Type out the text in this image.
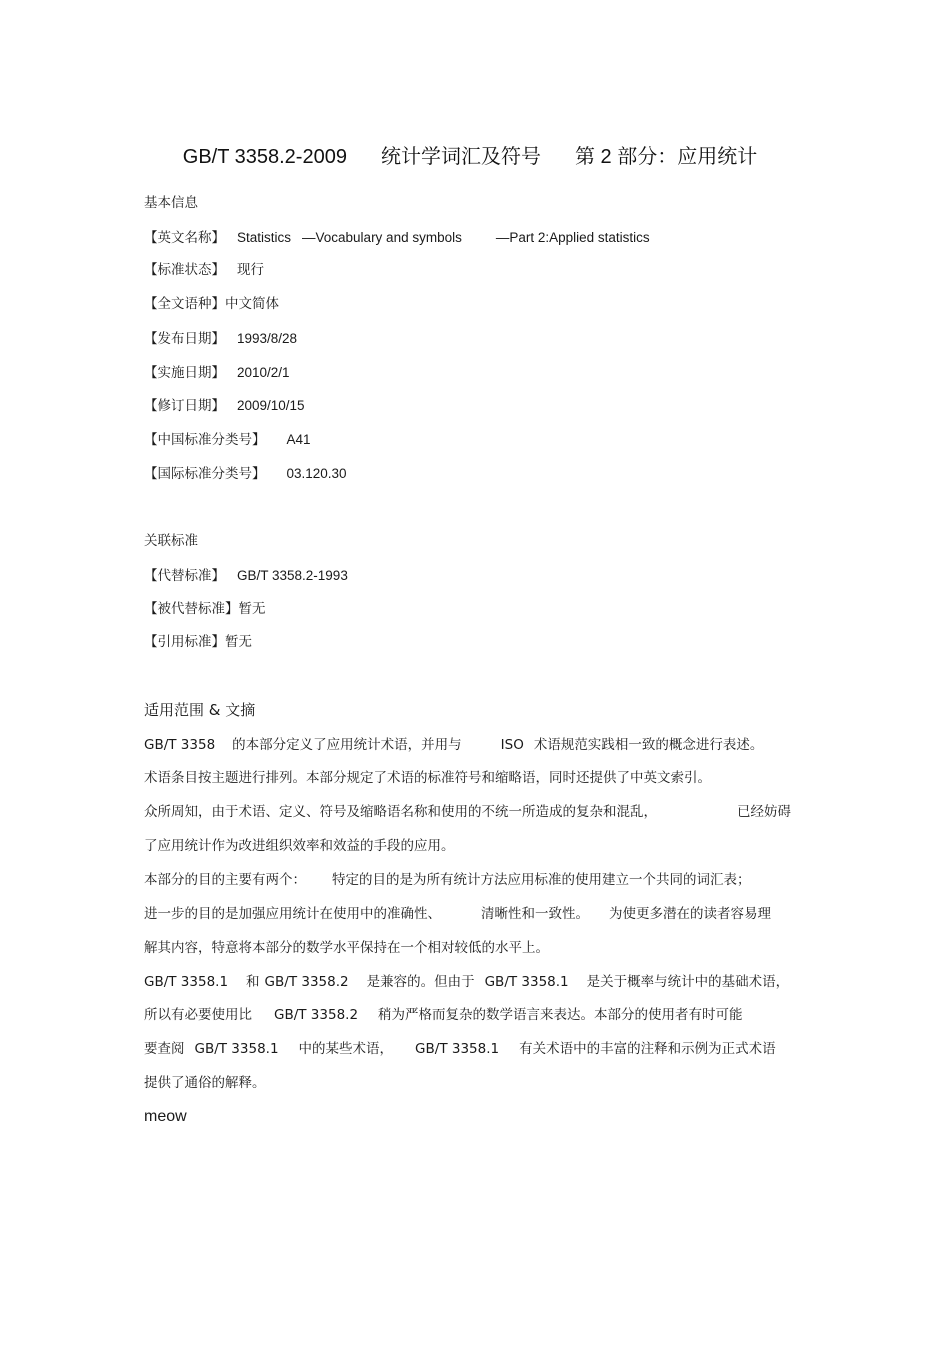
GB/T 3358.2-2009 统计学词汇及符号 第 2 部分：应用统计
基本信息
【英文名称】 Statistics —Vocabulary and symbols	—Part 2:Applied statistics
【标准状态】 现行
【全文语种】中文简体
【发布日期】 1993/8/28
【实施日期】 2010/2/1
【修订日期】 2009/10/15
【中国标准分类号】 A41
【国际标准分类号】 03.120.30
关联标准
【代替标准】 GB/T 3358.2-1993
【被代替标准】暂无
【引用标准】暂无
适用范围 & 文摘
GB/T 3358 的本部分定义了应用统计术语，并用与	ISO 术语规范实践相一致的概念进行表述。
术语条目按主题进行排列。本部分规定了术语的标准符号和缩略语，同时还提供了中英文索引。
众所周知，由于术语、定义、符号及缩略语名称和使用的不统一所造成的复杂和混乱，	已经妨碍
了应用统计作为改进组织效率和效益的手段的应用。
本部分的目的主要有两个： 特定的目的是为所有统计方法应用标准的使用建立一个共同的词汇表；
进一步的目的是加强应用统计在使用中的准确性、	清晰性和一致性。 为使更多潜在的读者容易理
解其内容，特意将本部分的数学水平保持在一个相对较低的水平上。
GB/T 3358.1 和 GB/T 3358.2 是兼容的。但由于 GB/T 3358.1 是关于概率与统计中的基础术语，
所以有必要使用比 GB/T 3358.2 稍为严格而复杂的数学语言来表达。本部分的使用者有时可能
要查阅 GB/T 3358.1 中的某些术语， GB/T 3358.1 有关术语中的丰富的注释和示例为正式术语
提供了通俗的解释。
meow
